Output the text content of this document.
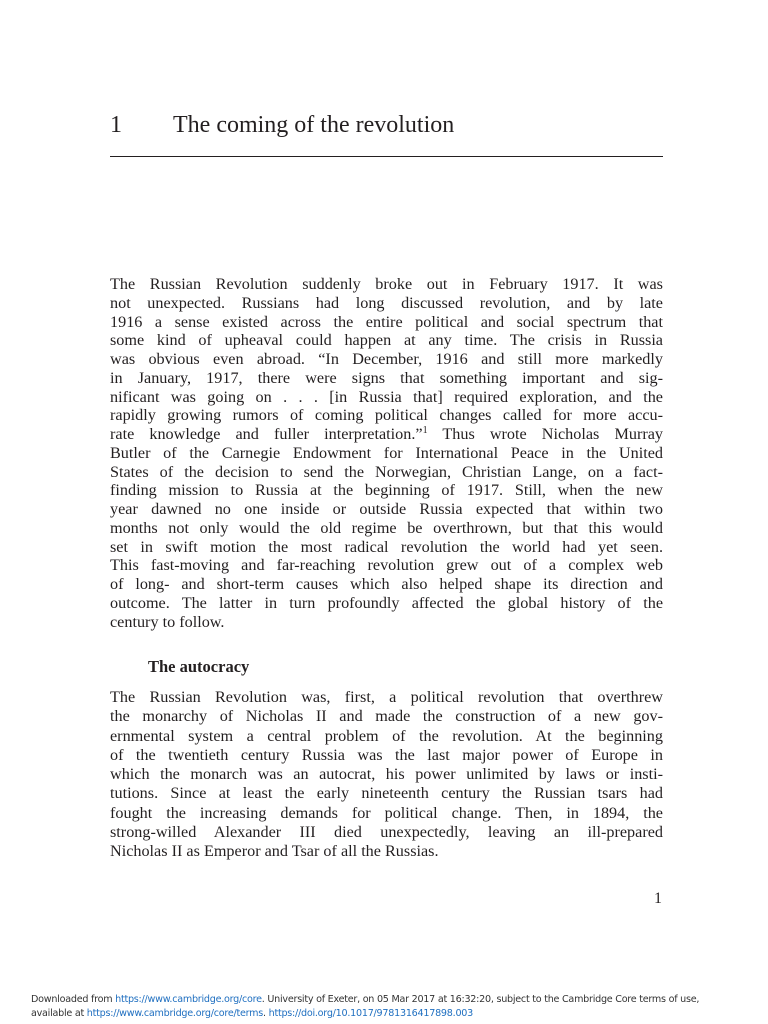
1 The coming of the revolution
The Russian Revolution suddenly broke out in February 1917. It was
not unexpected. Russians had long discussed revolution, and by late
1916 a sense existed across the entire political and social spectrum that
some kind of upheaval could happen at any time. The crisis in Russia
was obvious even abroad. “In December, 1916 and still more markedly
in January, 1917, there were signs that something important and sig-
nificant was going on . . . [in Russia that] required exploration, and the
rapidly growing rumors of coming political changes called for more accu-
rate knowledge and fuller interpretation.”$^1$ Thus wrote Nicholas Murray
Butler of the Carnegie Endowment for International Peace in the United
States of the decision to send the Norwegian, Christian Lange, on a fact-
finding mission to Russia at the beginning of 1917. Still, when the new
year dawned no one inside or outside Russia expected that within two
months not only would the old regime be overthrown, but that this would
set in swift motion the most radical revolution the world had yet seen.
This fast-moving and far-reaching revolution grew out of a complex web
of long- and short-term causes which also helped shape its direction and
outcome. The latter in turn profoundly affected the global history of the
century to follow.
The autocracy
The Russian Revolution was, first, a political revolution that overthrew
the monarchy of Nicholas II and made the construction of a new gov-
ernmental system a central problem of the revolution. At the beginning
of the twentieth century Russia was the last major power of Europe in
which the monarch was an autocrat, his power unlimited by laws or insti-
tutions. Since at least the early nineteenth century the Russian tsars had
fought the increasing demands for political change. Then, in 1894, the
strong-willed Alexander III died unexpectedly, leaving an ill-prepared
Nicholas II as Emperor and Tsar of all the Russias.
1
Downloaded from https://www.cambridge.org/core. University of Exeter, on 05 Mar 2017 at 16:32:20, subject to the Cambridge Core terms of use,
available at https://www.cambridge.org/core/terms. https://doi.org/10.1017/9781316417898.003
